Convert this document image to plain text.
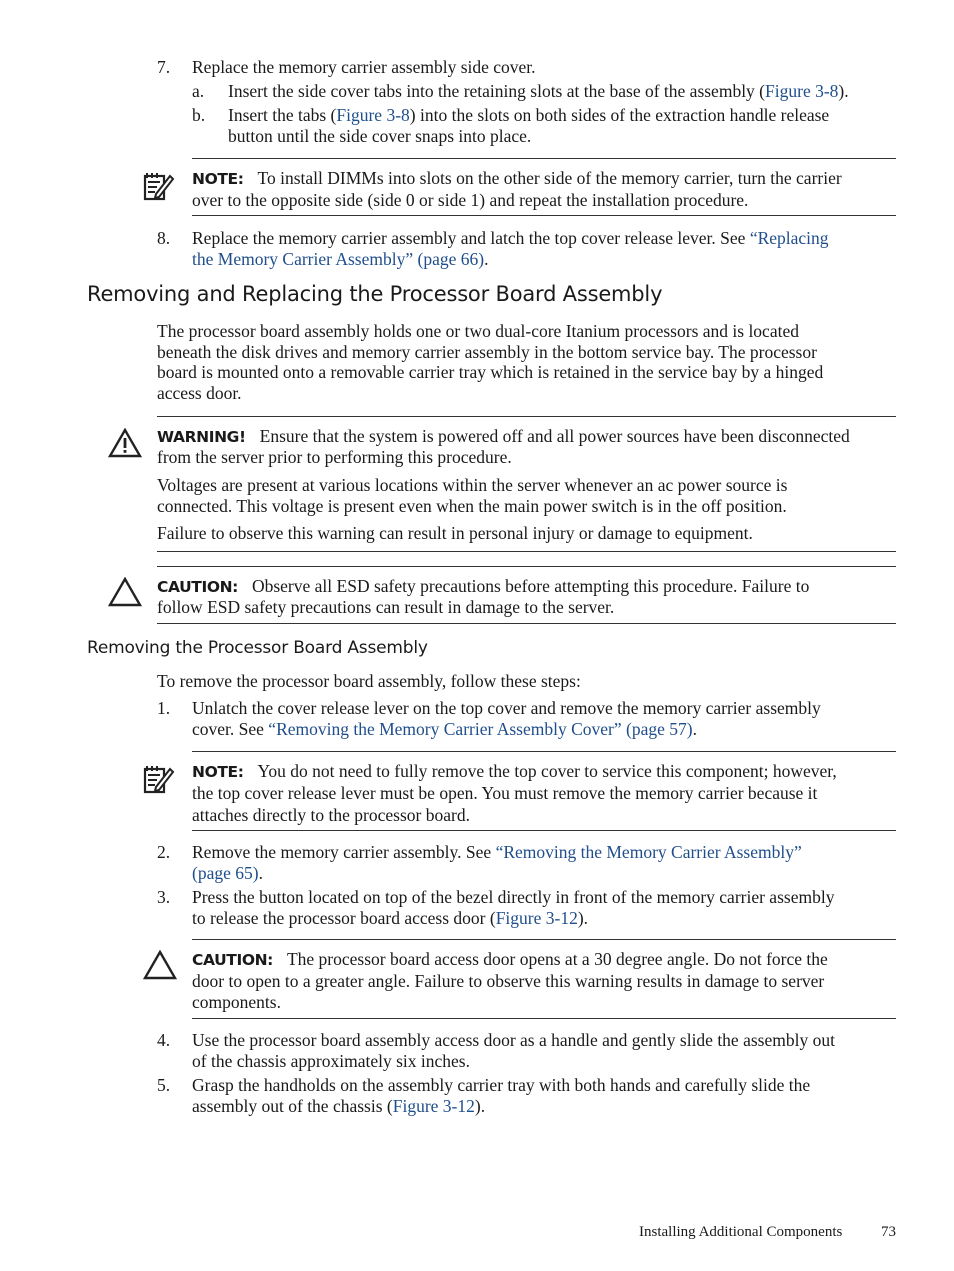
7. Replace the memory carrier assembly side cover.
a. Insert the side cover tabs into the retaining slots at the base of the assembly (Figure 3-8).
b. Insert the tabs (Figure 3-8) into the slots on both sides of the extraction handle release
button until the side cover snaps into place.
NOTE: To install DIMMs into slots on the other side of the memory carrier, turn the carrier
over to the opposite side (side 0 or side 1) and repeat the installation procedure.
8. Replace the memory carrier assembly and latch the top cover release lever. See “Replacing
the Memory Carrier Assembly” (page 66).
Removing and Replacing the Processor Board Assembly
The processor board assembly holds one or two dual-core Itanium processors and is located
beneath the disk drives and memory carrier assembly in the bottom service bay. The processor
board is mounted onto a removable carrier tray which is retained in the service bay by a hinged
access door.
WARNING! Ensure that the system is powered off and all power sources have been disconnected
from the server prior to performing this procedure.
Voltages are present at various locations within the server whenever an ac power source is
connected. This voltage is present even when the main power switch is in the off position.
Failure to observe this warning can result in personal injury or damage to equipment.
CAUTION: Observe all ESD safety precautions before attempting this procedure. Failure to
follow ESD safety precautions can result in damage to the server.
Removing the Processor Board Assembly
To remove the processor board assembly, follow these steps:
1. Unlatch the cover release lever on the top cover and remove the memory carrier assembly
cover. See “Removing the Memory Carrier Assembly Cover” (page 57).
NOTE: You do not need to fully remove the top cover to service this component; however,
the top cover release lever must be open. You must remove the memory carrier because it
attaches directly to the processor board.
2. Remove the memory carrier assembly. See “Removing the Memory Carrier Assembly”
(page 65).
3. Press the button located on top of the bezel directly in front of the memory carrier assembly
to release the processor board access door (Figure 3-12).
CAUTION: The processor board access door opens at a 30 degree angle. Do not force the
door to open to a greater angle. Failure to observe this warning results in damage to server
components.
4. Use the processor board assembly access door as a handle and gently slide the assembly out
of the chassis approximately six inches.
5. Grasp the handholds on the assembly carrier tray with both hands and carefully slide the
assembly out of the chassis (Figure 3-12).
Installing Additional Components	73
